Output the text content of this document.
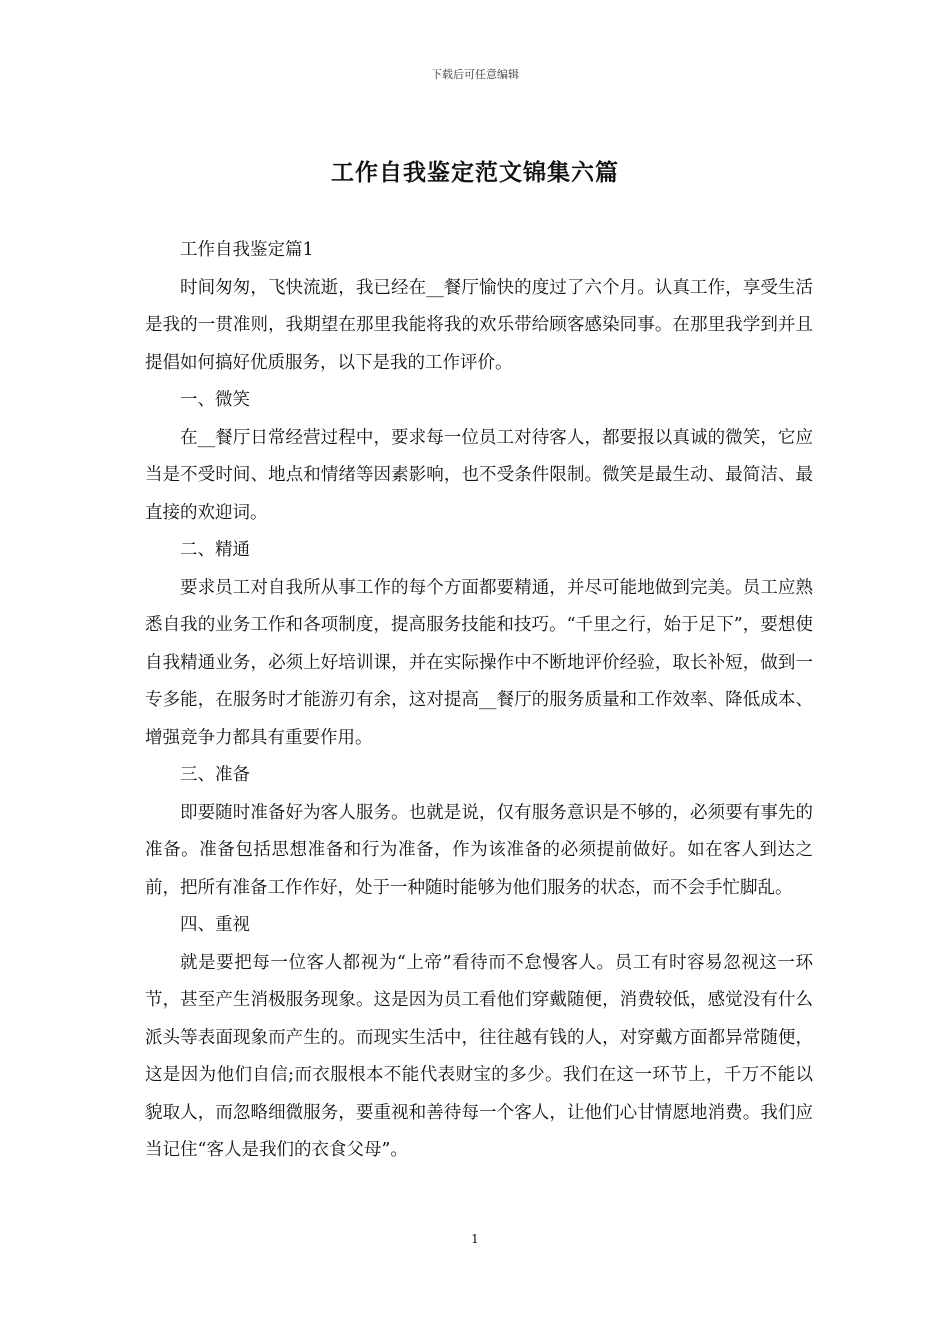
下载后可任意编辑
工作自我鉴定范文锦集六篇

工作自我鉴定篇1

时间匆匆，飞快流逝，我已经在__餐厅愉快的度过了六个月。认真工作，享受生活是我的一贯准则，我期望在那里我能将我的欢乐带给顾客感染同事。在那里我学到并且提倡如何搞好优质服务，以下是我的工作评价。

一、微笑

在__餐厅日常经营过程中，要求每一位员工对待客人，都要报以真诚的微笑，它应当是不受时间、地点和情绪等因素影响，也不受条件限制。微笑是最生动、最简洁、最直接的欢迎词。

二、精通

要求员工对自我所从事工作的每个方面都要精通，并尽可能地做到完美。员工应熟悉自我的业务工作和各项制度，提高服务技能和技巧。“千里之行，始于足下”，要想使自我精通业务，必须上好培训课，并在实际操作中不断地评价经验，取长补短，做到一专多能，在服务时才能游刃有余，这对提高__餐厅的服务质量和工作效率、降低成本、增强竞争力都具有重要作用。

三、准备

即要随时准备好为客人服务。也就是说，仅有服务意识是不够的，必须要有事先的准备。准备包括思想准备和行为准备，作为该准备的必须提前做好。如在客人到达之前，把所有准备工作作好，处于一种随时能够为他们服务的状态，而不会手忙脚乱。

四、重视

就是要把每一位客人都视为“上帝”看待而不怠慢客人。员工有时容易忽视这一环节，甚至产生消极服务现象。这是因为员工看他们穿戴随便，消费较低，感觉没有什么派头等表面现象而产生的。而现实生活中，往往越有钱的人，对穿戴方面都异常随便，这是因为他们自信;而衣服根本不能代表财宝的多少。我们在这一环节上，千万不能以貌取人，而忽略细微服务，要重视和善待每一个客人，让他们心甘情愿地消费。我们应当记住“客人是我们的衣食父母”。

1
